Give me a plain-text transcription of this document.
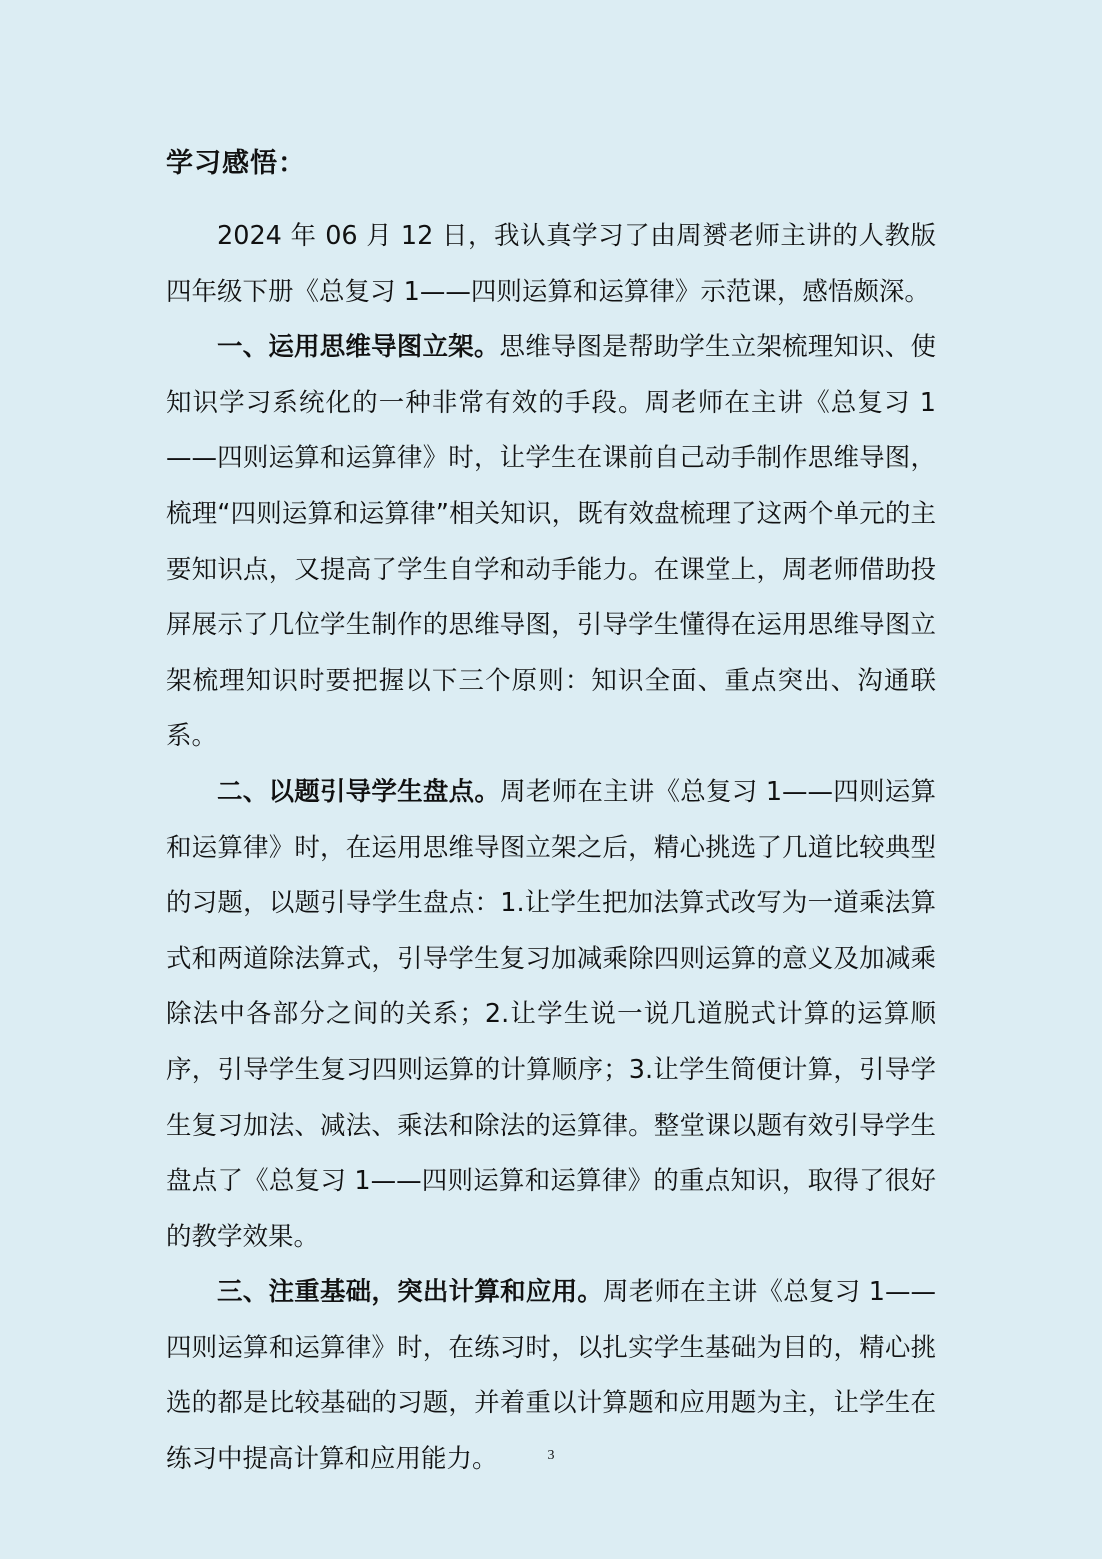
学习感悟：

2024 年 06 月 12 日，我认真学习了由周赟老师主讲的人教版四年级下册《总复习 1——四则运算和运算律》示范课，感悟颇深。

一、运用思维导图立架。思维导图是帮助学生立架梳理知识、使知识学习系统化的一种非常有效的手段。周老师在主讲《总复习 1——四则运算和运算律》时，让学生在课前自己动手制作思维导图，梳理“四则运算和运算律”相关知识，既有效盘梳理了这两个单元的主要知识点，又提高了学生自学和动手能力。在课堂上，周老师借助投屏展示了几位学生制作的思维导图，引导学生懂得在运用思维导图立架梳理知识时要把握以下三个原则：知识全面、重点突出、沟通联系。

二、以题引导学生盘点。周老师在主讲《总复习 1——四则运算和运算律》时，在运用思维导图立架之后，精心挑选了几道比较典型的习题，以题引导学生盘点：1.让学生把加法算式改写为一道乘法算式和两道除法算式，引导学生复习加减乘除四则运算的意义及加减乘除法中各部分之间的关系；2.让学生说一说几道脱式计算的运算顺序，引导学生复习四则运算的计算顺序；3.让学生简便计算，引导学生复习加法、减法、乘法和除法的运算律。整堂课以题有效引导学生盘点了《总复习 1——四则运算和运算律》的重点知识，取得了很好的教学效果。

三、注重基础，突出计算和应用。周老师在主讲《总复习 1——四则运算和运算律》时，在练习时，以扎实学生基础为目的，精心挑选的都是比较基础的习题，并着重以计算题和应用题为主，让学生在练习中提高计算和应用能力。	3
